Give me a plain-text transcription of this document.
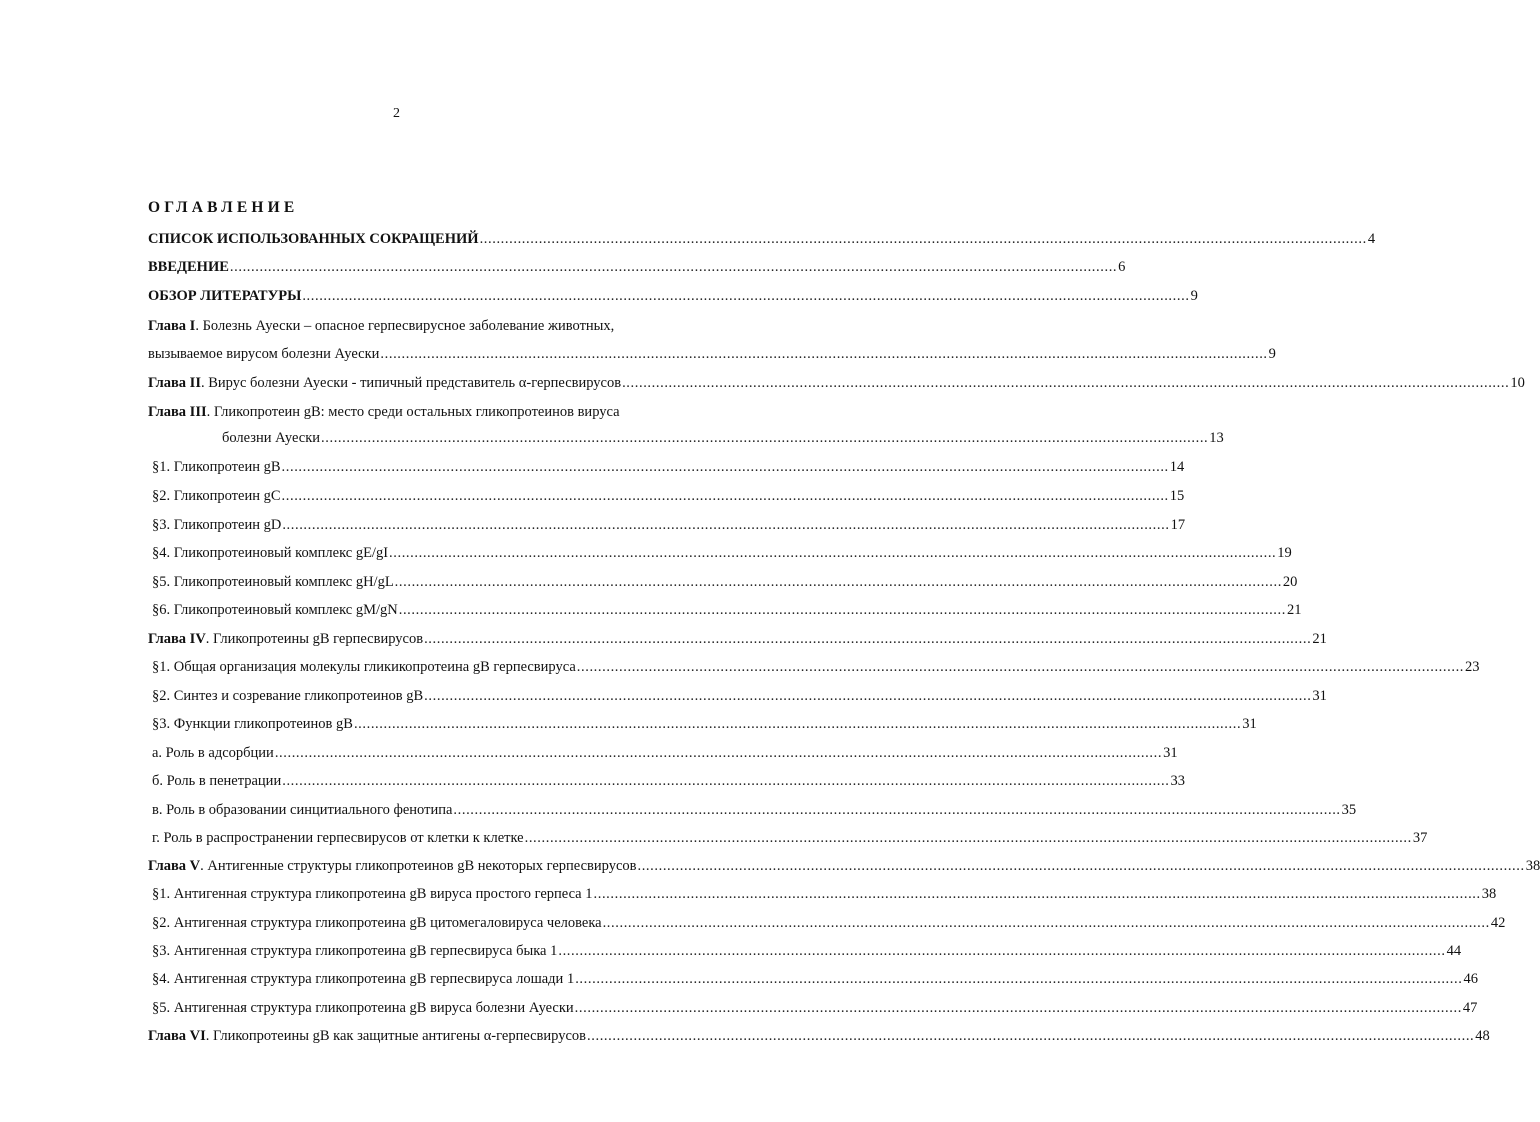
2
ОГЛАВЛЕНИЕ
СПИСОК ИСПОЛЬЗОВАННЫХ СОКРАЩЕНИЙ .....	4
ВВЕДЕНИЕ .....	6
ОБЗОР ЛИТЕРАТУРЫ .....	9
Глава I. Болезнь Ауески – опасное герпесвирусное заболевание животных,
вызываемое вирусом болезни Ауески .....	9
Глава II. Вирус болезни Ауески - типичный представитель α-герпесвирусов .....	10
Глава III. Гликопротеин gB: место среди остальных гликопротеинов вируса
болезни Ауески .....	13
§1. Гликопротеин gB .....	14
§2. Гликопротеин gC .....	15
§3. Гликопротеин gD .....	17
§4. Гликопротеиновый комплекс gE/gI .....	19
§5. Гликопротеиновый комплекс gH/gL .....	20
§6. Гликопротеиновый комплекс gM/gN .....	21
Глава IV. Гликопротеины gB герпесвирусов .....	21
§1. Общая организация молекулы гликикопротеина gB герпесвируса .....	23
§2. Синтез и созревание гликопротеинов gB .....	31
§3. Функции гликопротеинов gB .....	31
а. Роль в адсорбции .....	31
б. Роль в пенетрации .....	33
в. Роль в образовании синцитиального фенотипа .....	35
г. Роль в распространении герпесвирусов от клетки к клетке .....	37
Глава V. Антигенные структуры гликопротеинов gB некоторых герпесвирусов .....	38
§1. Антигенная структура гликопротеина gB вируса простого герпеса 1 .....	38
§2. Антигенная структура гликопротеина gB цитомегаловируса человека .....	42
§3. Антигенная структура гликопротеина gB герпесвируса быка 1 .....	44
§4. Антигенная структура гликопротеина gB герпесвируса лошади 1 .....	46
§5. Антигенная структура гликопротеина gB вируса болезни Ауески .....	47
Глава VI. Гликопротеины gB как защитные антигены α-герпесвирусов .....	48
